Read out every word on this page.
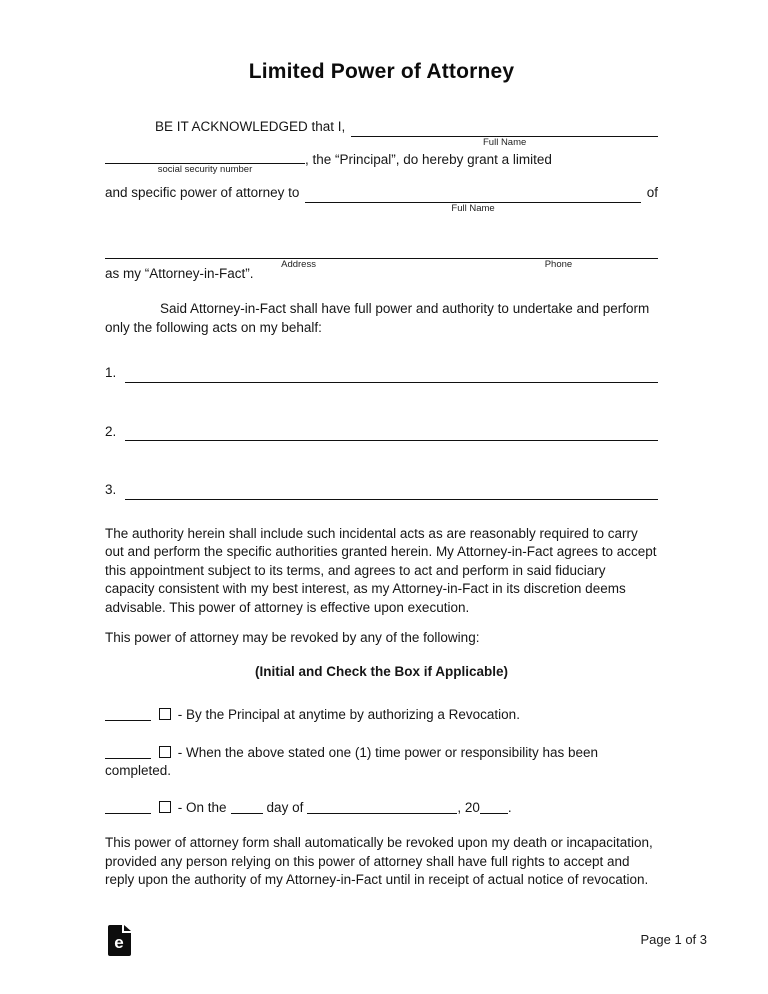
Limited Power of Attorney

BE IT ACKNOWLEDGED that I,
Full Name

social security number
, the “Principal”, do hereby grant a limited

and specific power of attorney to
Full Name
of

Address	Phone

as my “Attorney-in-Fact”.

Said Attorney-in-Fact shall have full power and authority to undertake and perform only the following acts on my behalf:

1.
2.
3.

The authority herein shall include such incidental acts as are reasonably required to carry out and perform the specific authorities granted herein. My Attorney-in-Fact agrees to accept this appointment subject to its terms, and agrees to act and perform in said fiduciary capacity consistent with my best interest, as my Attorney-in-Fact in its discretion deems advisable. This power of attorney is effective upon execution.

This power of attorney may be revoked by any of the following:

(Initial and Check the Box if Applicable)

- By the Principal at anytime by authorizing a Revocation.

- When the above stated one (1) time power or responsibility has been completed.

- On the	day of	, 20 .

This power of attorney form shall automatically be revoked upon my death or incapacitation, provided any person relying on this power of attorney shall have full rights to accept and reply upon the authority of my Attorney-in-Fact until in receipt of actual notice of revocation.

e	Page 1 of 3
